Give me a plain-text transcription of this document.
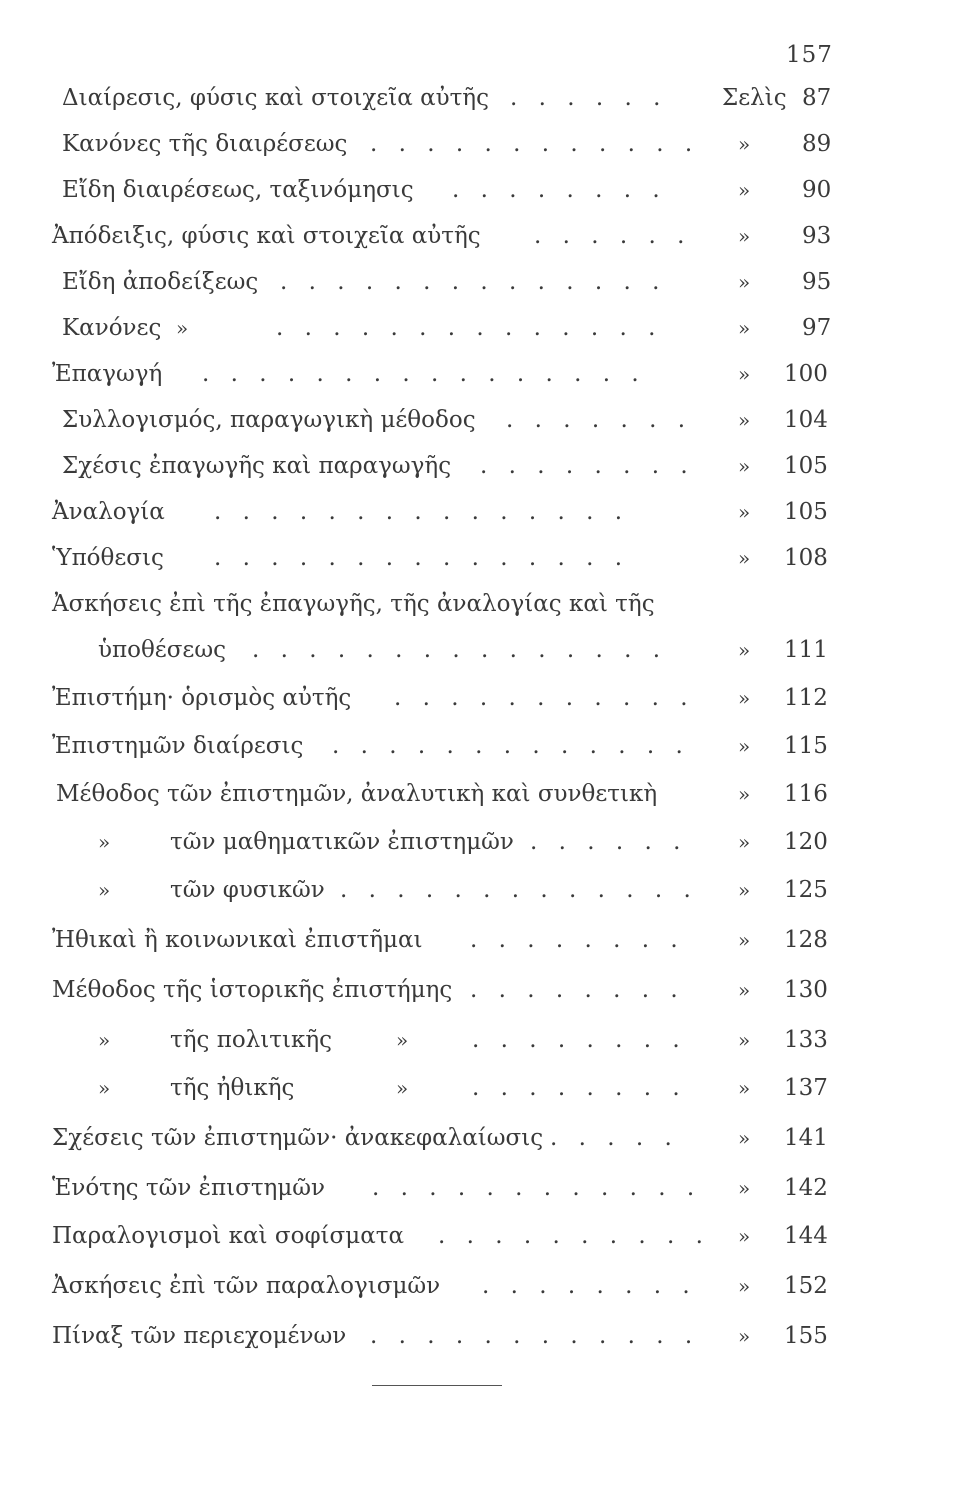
157
Διαίρεσις, φύσις καὶ στοιχεῖα αὐτῆς . . . . . . Σελὶς 87
Κανόνες τῆς διαιρέσεως . . . . . . . . . . . . » 89
Εἴδη διαιρέσεως, ταξινόμησις . . . . . . . .	» 90
Ἀπόδειξις, φύσις καὶ στοιχεῖα αὐτῆς . . . . . . » 93
Εἴδη ἀποδείξεως . . . . . . . . . . . . . .	» 95
Κανόνες »	. . . . . . . . . . . . . .	» 97
Ἐπαγωγή . . . . . . . . . . . . . . . .	» 100
Συλλογισμός, παραγωγικὴ μέθοδος . . . . . . . » 104
Σχέσις ἐπαγωγῆς καὶ παραγωγῆς . . . . . . . . » 105
Ἀναλογία . . . . . . . . . . . . . . .	» 105
Ὑπόθεσις . . . . . . . . . . . . . . .	» 108
Ἀσκήσεις ἐπὶ τῆς ἐπαγωγῆς, τῆς ἀναλογίας καὶ τῆς
ὑποθέσεως . . . . . . . . . . . . . . .	» 111
Ἐπιστήμη· ὁρισμὸς αὐτῆς . . . . . . . . . . . » 112
Ἐπιστημῶν διαίρεσις . . . . . . . . . . . . . » 115
Μέθοδος τῶν ἐπιστημῶν, ἀναλυτικὴ καὶ συνθετικὴ	» 116
»	τῶν μαθηματικῶν ἐπιστημῶν . . . . . .	» 120
»	τῶν φυσικῶν . . . . . . . . . . . . . » 125
Ἠθικαὶ ἢ κοινωνικαὶ ἐπιστῆμαι . . . . . . . .	» 128
Μέθοδος τῆς ἱστορικῆς ἐπιστήμης . . . . . . . .	» 130
»	τῆς πολιτικῆς	»	. . . . . . . .	» 133
»	τῆς ἠθικῆς	»	. . . . . . . .	» 137
Σχέσεις τῶν ἐπιστημῶν· ἀνακεφαλαίωσις . . . . .	» 141
Ἑνότης τῶν ἐπιστημῶν . . . . . . . . . . . . » 142
Παραλογισμοὶ καὶ σοφίσματα . . . . . . . . . . » 144
Ἀσκήσεις ἐπὶ τῶν παραλογισμῶν . . . . . . . . » 152
Πίναξ τῶν περιεχομένων . . . . . . . . . . . . » 155
